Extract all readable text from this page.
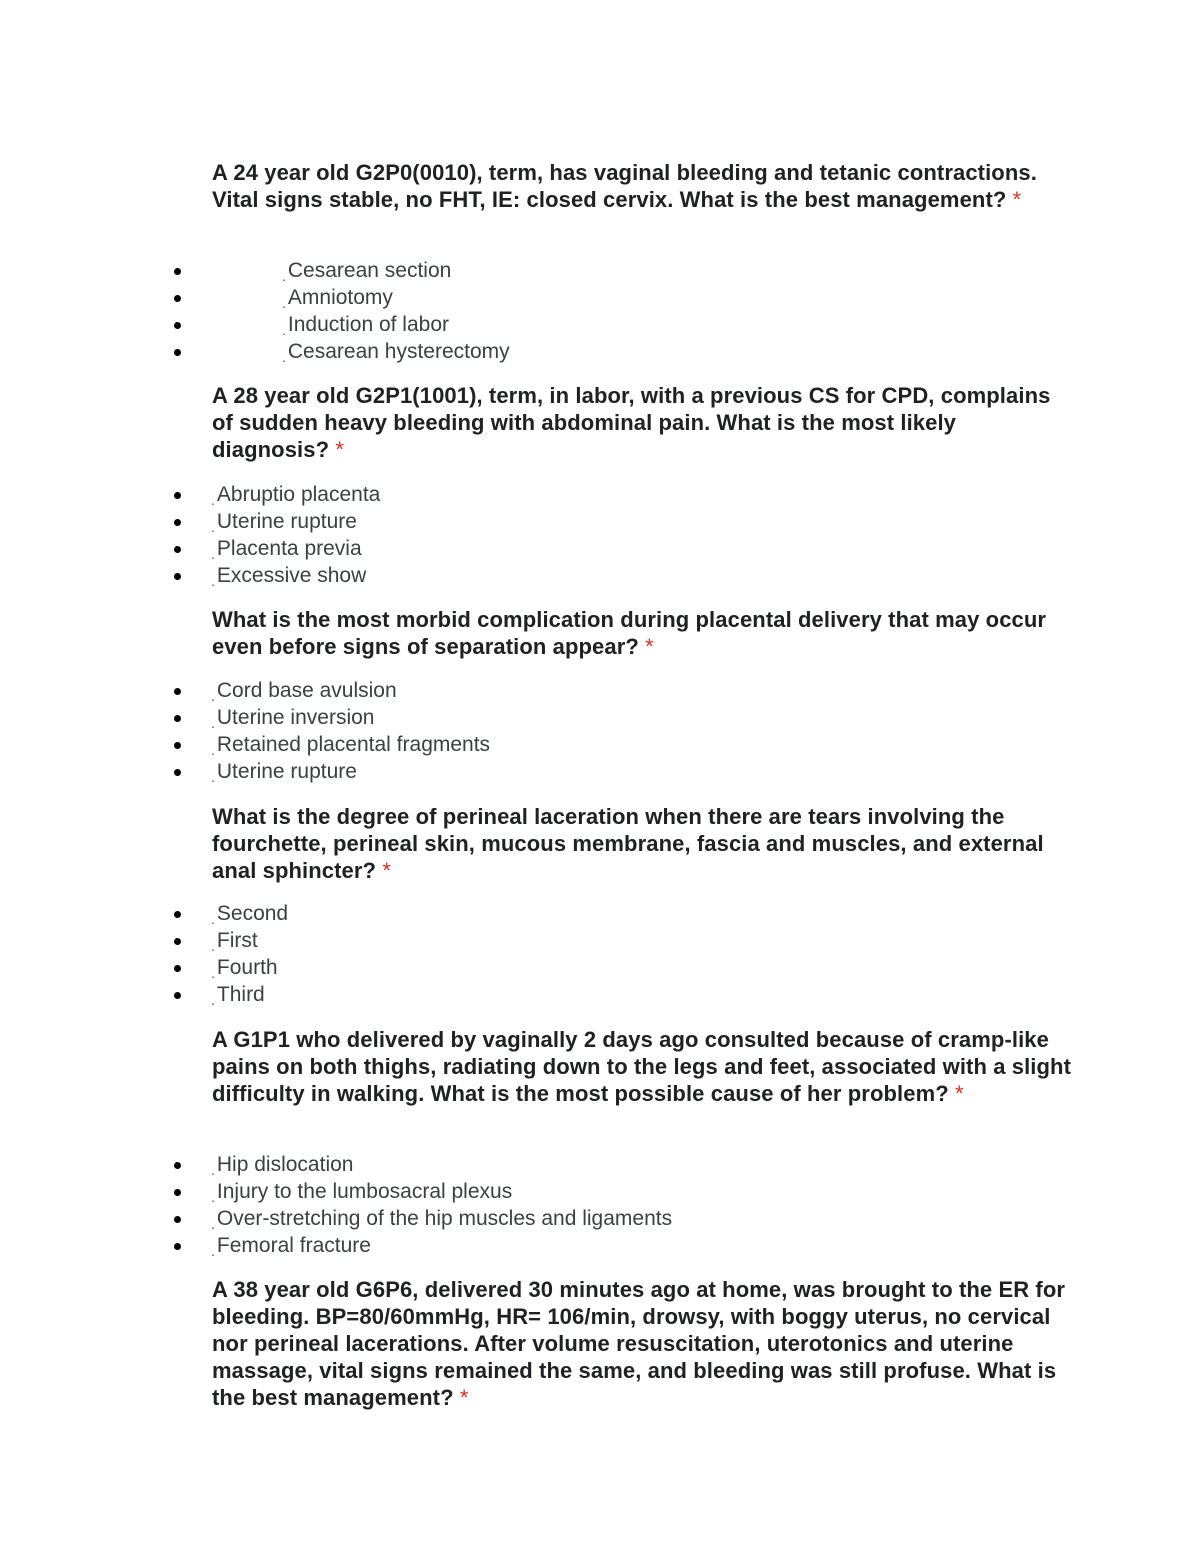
A 24 year old G2P0(0010), term, has vaginal bleeding and tetanic contractions. Vital signs stable, no FHT, IE: closed cervix. What is the best management? *

. Cesarean section
. Amniotomy
. Induction of labor
. Cesarean hysterectomy

A 28 year old G2P1(1001), term, in labor, with a previous CS for CPD, complains of sudden heavy bleeding with abdominal pain. What is the most likely diagnosis? *

. Abruptio placenta
. Uterine rupture
. Placenta previa
. Excessive show

What is the most morbid complication during placental delivery that may occur even before signs of separation appear? *

. Cord base avulsion
. Uterine inversion
. Retained placental fragments
. Uterine rupture

What is the degree of perineal laceration when there are tears involving the fourchette, perineal skin, mucous membrane, fascia and muscles, and external anal sphincter? *

. Second
. First
. Fourth
. Third

A G1P1 who delivered by vaginally 2 days ago consulted because of cramp-like pains on both thighs, radiating down to the legs and feet, associated with a slight difficulty in walking. What is the most possible cause of her problem? *

. Hip dislocation
. Injury to the lumbosacral plexus
. Over-stretching of the hip muscles and ligaments
. Femoral fracture

A 38 year old G6P6, delivered 30 minutes ago at home, was brought to the ER for bleeding. BP=80/60mmHg, HR= 106/min, drowsy, with boggy uterus, no cervical nor perineal lacerations. After volume resuscitation, uterotonics and uterine massage, vital signs remained the same, and bleeding was still profuse. What is the best management? *
